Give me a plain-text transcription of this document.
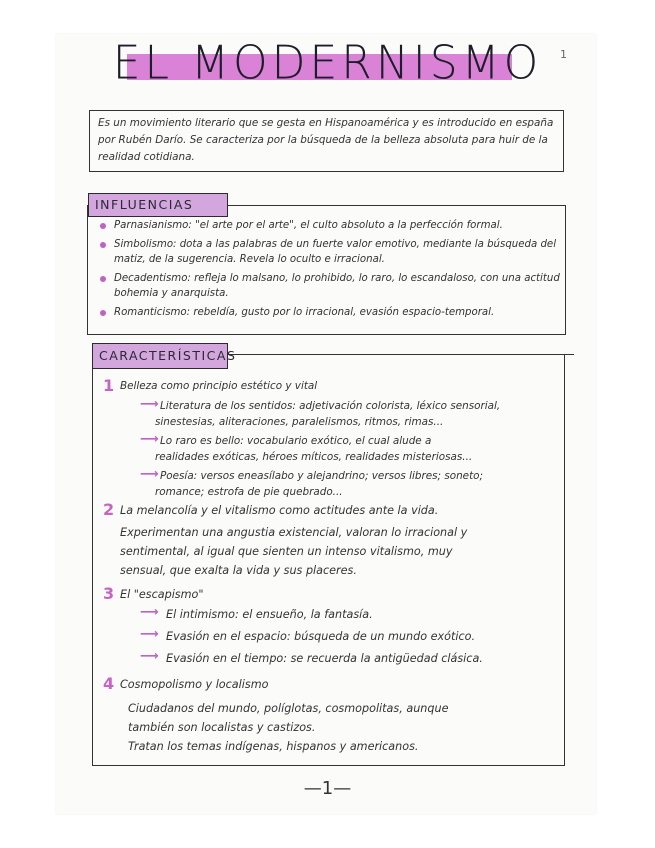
1
EL MODERNISMO
Es un movimiento literario que se gesta en Hispanoamérica y es introducido en españa por Rubén Darío. Se caracteriza por la búsqueda de la belleza absoluta para huir de la realidad cotidiana.
INFLUENCIAS
Parnasianismo: "el arte por el arte", el culto absoluto a la perfección formal.
Simbolismo: dota a las palabras de un fuerte valor emotivo, mediante la búsqueda del matiz, de la sugerencia. Revela lo oculto e irracional.
Decadentismo: refleja lo malsano, lo prohibido, lo raro, lo escandaloso, con una actitud bohemia y anarquista.
Romanticismo: rebeldía, gusto por lo irracional, evasión espacio-temporal.
CARACTERÍSTICAS
1 Belleza como principio estético y vital
⟶ Literatura de los sentidos: adjetivación colorista, léxico sensorial,
sinestesias, aliteraciones, paralelismos, ritmos, rimas...
⟶ Lo raro es bello: vocabulario exótico, el cual alude a
realidades exóticas, héroes míticos, realidades misteriosas...
⟶ Poesía: versos eneasílabo y alejandrino; versos libres; soneto;
romance; estrofa de pie quebrado...
2 La melancolía y el vitalismo como actitudes ante la vida.
Experimentan una angustia existencial, valoran lo irracional y
sentimental, al igual que sienten un intenso vitalismo, muy
sensual, que exalta la vida y sus placeres.
3 El "escapismo"
⟶ El intimismo: el ensueño, la fantasía.
⟶ Evasión en el espacio: búsqueda de un mundo exótico.
⟶ Evasión en el tiempo: se recuerda la antigüedad clásica.
4 Cosmopolismo y localismo
Ciudadanos del mundo, políglotas, cosmopolitas, aunque
también son localistas y castizos.
Tratan los temas indígenas, hispanos y americanos.
—1—
